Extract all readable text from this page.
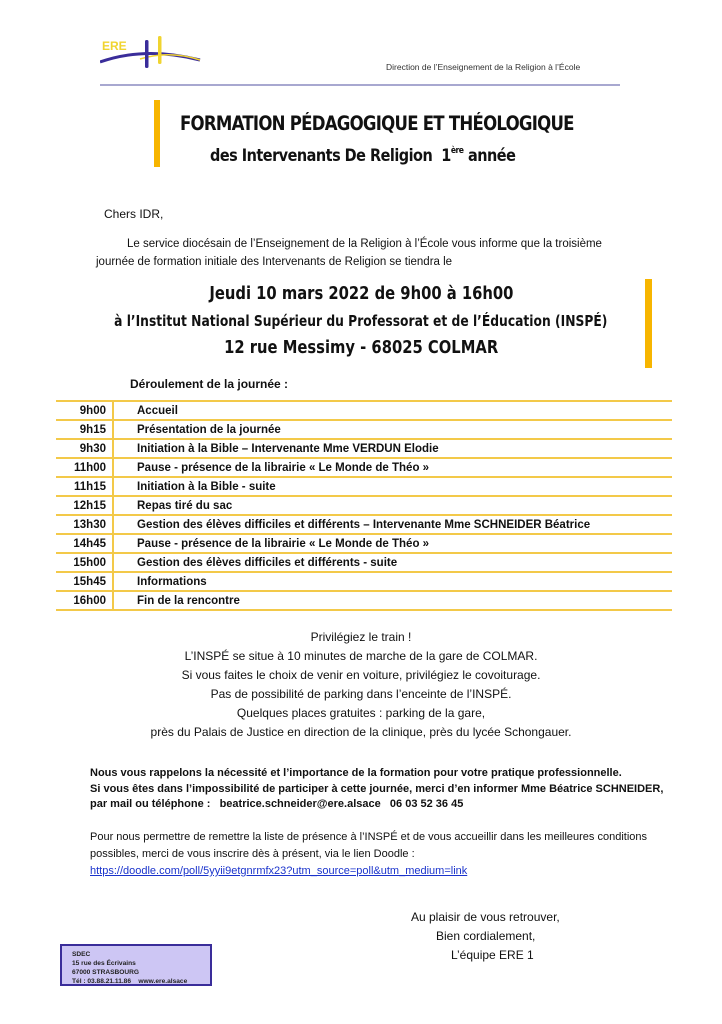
ERE
Direction de l’Enseignement de la Religion à l’École
FORMATION PÉDAGOGIQUE ET THÉOLOGIQUE
des Intervenants De Religion 1ère année
Chers IDR,
Le service diocésain de l’Enseignement de la Religion à l’École vous informe que la troisième
journée de formation initiale des Intervenants de Religion se tiendra le
Jeudi 10 mars 2022 de 9h00 à 16h00
à l’Institut National Supérieur du Professorat et de l’Éducation (INSPÉ)
12 rue Messimy - 68025 COLMAR
Déroulement de la journée :
9h00	Accueil
9h15	Présentation de la journée
9h30	Initiation à la Bible – Intervenante Mme VERDUN Elodie
11h00	Pause - présence de la librairie « Le Monde de Théo »
11h15	Initiation à la Bible - suite
12h15	Repas tiré du sac
13h30	Gestion des élèves difficiles et différents – Intervenante Mme SCHNEIDER Béatrice
14h45	Pause - présence de la librairie « Le Monde de Théo »
15h00	Gestion des élèves difficiles et différents - suite
15h45	Informations
16h00	Fin de la rencontre
Privilégiez le train !
L’INSPÉ se situe à 10 minutes de marche de la gare de COLMAR.
Si vous faites le choix de venir en voiture, privilégiez le covoiturage.
Pas de possibilité de parking dans l’enceinte de l’INSPÉ.
Quelques places gratuites : parking de la gare,
près du Palais de Justice en direction de la clinique, près du lycée Schongauer.
Nous vous rappelons la nécessité et l’importance de la formation pour votre pratique professionnelle.
Si vous êtes dans l’impossibilité de participer à cette journée, merci d’en informer Mme Béatrice SCHNEIDER,
par mail ou téléphone : beatrice.schneider@ere.alsace 06 03 52 36 45
Pour nous permettre de remettre la liste de présence à l’INSPÉ et de vous accueillir dans les meilleures conditions
possibles, merci de vous inscrire dès à présent, via le lien Doodle :
https://doodle.com/poll/5yyii9etgnrmfx23?utm_source=poll&utm_medium=link
Au plaisir de vous retrouver,
Bien cordialement,
L’équipe ERE 1
SDEC
15 rue des Écrivains
67000 STRASBOURG
Tél : 03.88.21.11.86 www.ere.alsace
